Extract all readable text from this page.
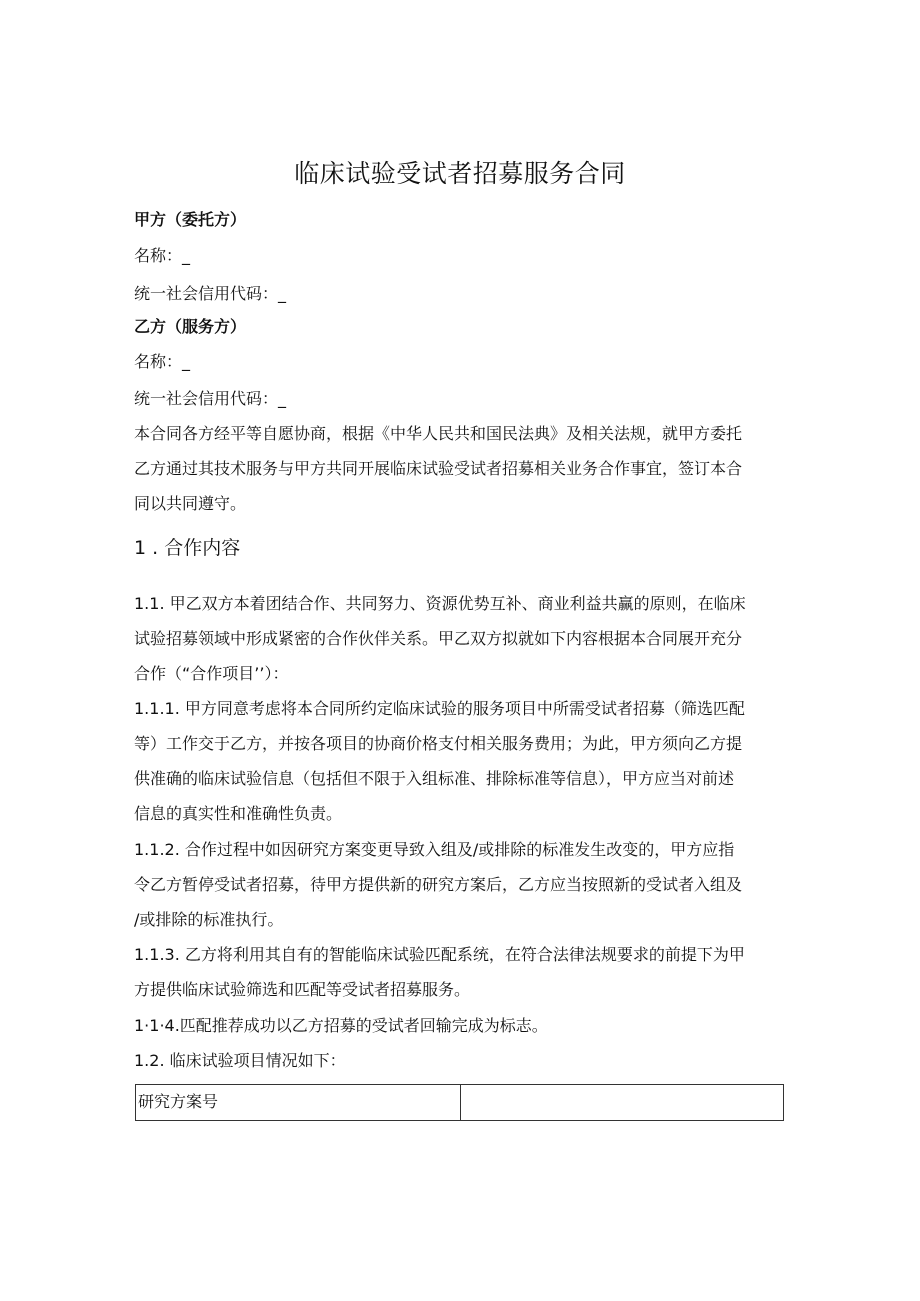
临床试验受试者招募服务合同
甲方（委托方）
名称：_
统一社会信用代码：_
乙方（服务方）
名称：_
统一社会信用代码：_
本合同各方经平等自愿协商，根据《中华人民共和国民法典》及相关法规，就甲方委托
乙方通过其技术服务与甲方共同开展临床试验受试者招募相关业务合作事宜，签订本合
同以共同遵守。
1 . 合作内容
1.1. 甲乙双方本着团结合作、共同努力、资源优势互补、商业利益共赢的原则，在临床
试验招募领域中形成紧密的合作伙伴关系。甲乙双方拟就如下内容根据本合同展开充分
合作（“合作项目’’）：
1.1.1. 甲方同意考虑将本合同所约定临床试验的服务项目中所需受试者招募（筛选匹配
等）工作交于乙方，并按各项目的协商价格支付相关服务费用；为此，甲方须向乙方提
供准确的临床试验信息（包括但不限于入组标准、排除标准等信息），甲方应当对前述
信息的真实性和准确性负责。
1.1.2. 合作过程中如因研究方案变更导致入组及/或排除的标准发生改变的，甲方应指
令乙方暂停受试者招募，待甲方提供新的研究方案后，乙方应当按照新的受试者入组及
/或排除的标准执行。
1.1.3. 乙方将利用其自有的智能临床试验匹配系统，在符合法律法规要求的前提下为甲
方提供临床试验筛选和匹配等受试者招募服务。
1·1·4.匹配推荐成功以乙方招募的受试者回输完成为标志。
1.2. 临床试验项目情况如下：
研究方案号
